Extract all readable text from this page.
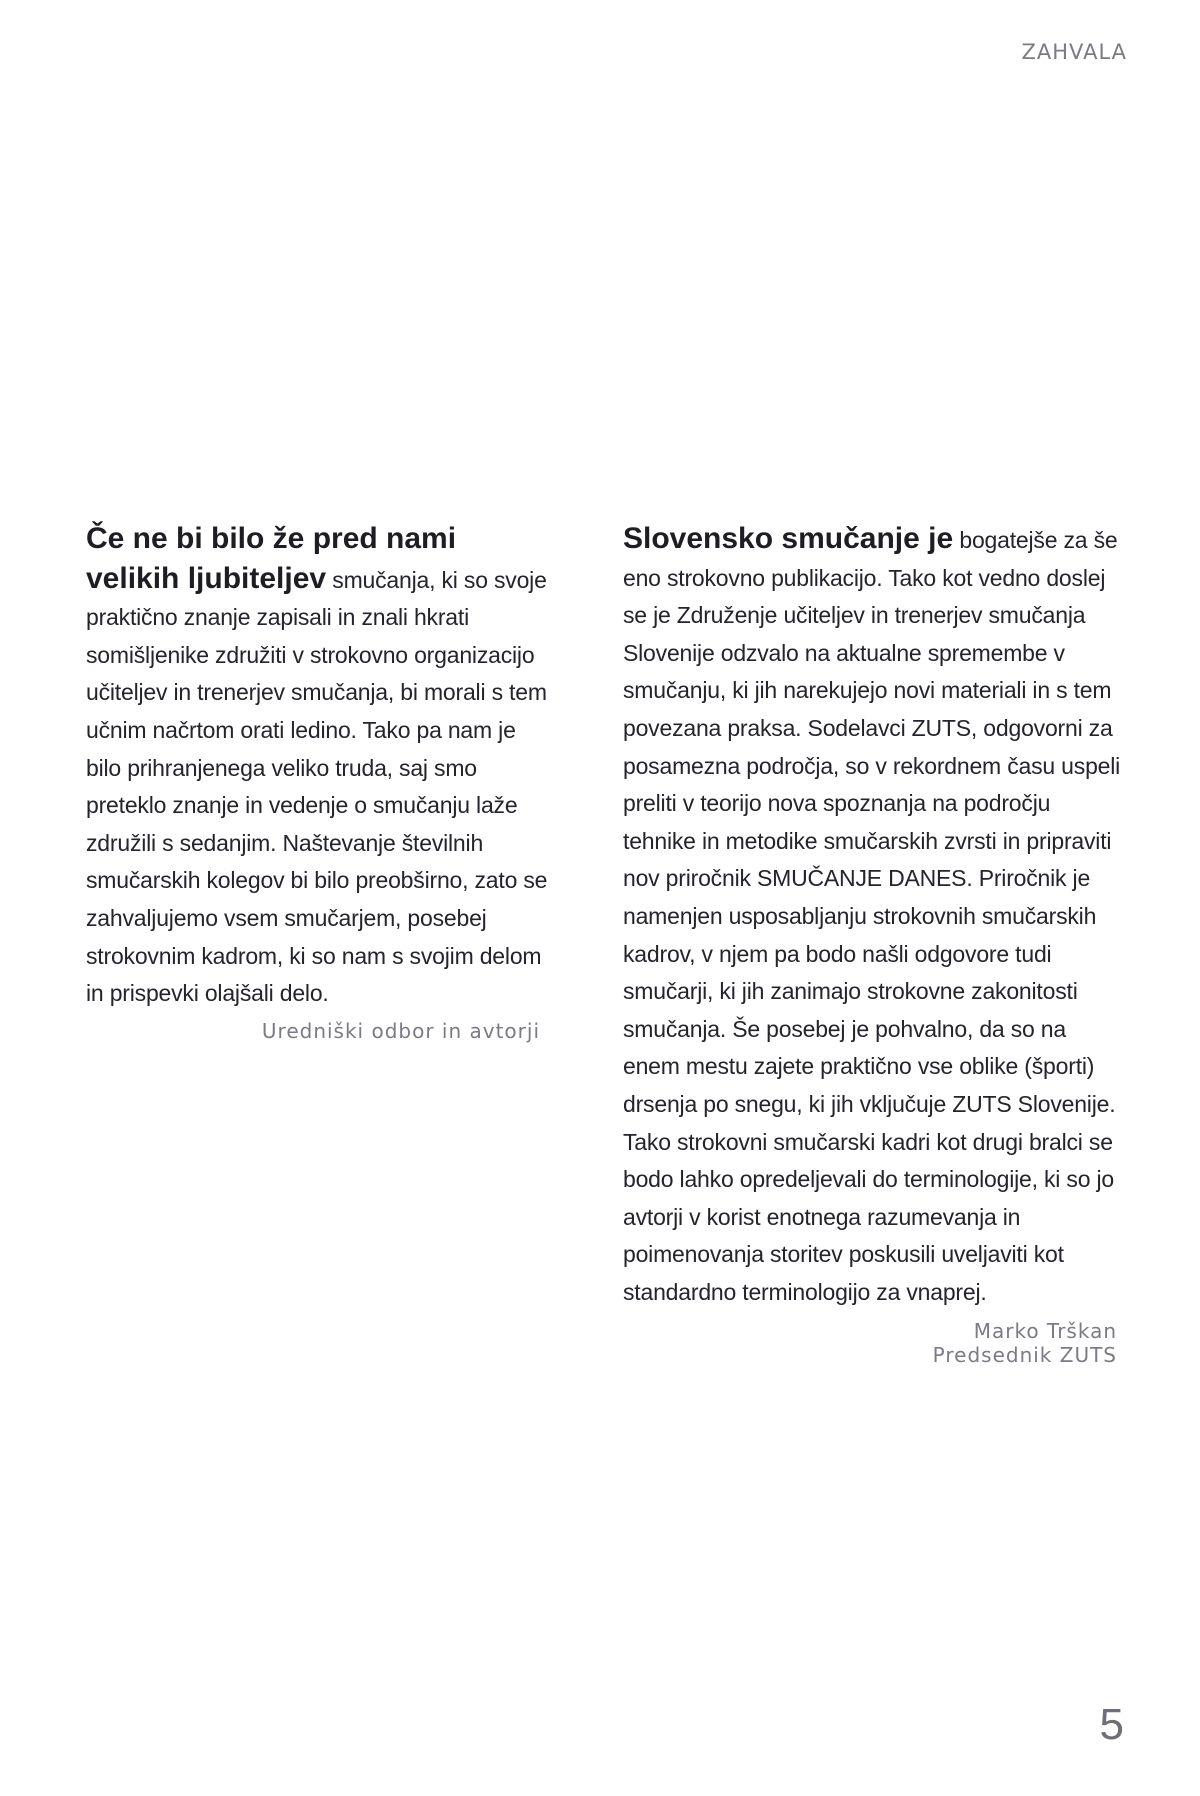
ZAHVALA

Če ne bi bilo že pred nami velikih ljubiteljev smučanja, ki so svoje praktično znanje zapisali in znali hkrati somišljenike združiti v strokovno organizacijo učiteljev in trenerjev smučanja, bi morali s tem učnim načrtom orati ledino. Tako pa nam je bilo prihranjenega veliko truda, saj smo preteklo znanje in vedenje o smučanju laže združili s sedanjim. Naštevanje številnih smučarskih kolegov bi bilo preobširno, zato se zahvaljujemo vsem smučarjem, posebej strokovnim kadrom, ki so nam s svojim delom in prispevki olajšali delo.

Uredniški odbor in avtorji

Slovensko smučanje je bogatejše za še eno strokovno publikacijo. Tako kot vedno doslej se je Združenje učiteljev in trenerjev smučanja Slovenije odzvalo na aktualne spremembe v smučanju, ki jih narekujejo novi materiali in s tem povezana praksa. Sodelavci ZUTS, odgovorni za posamezna področja, so v rekordnem času uspeli preliti v teorijo nova spoznanja na področju tehnike in metodike smučarskih zvrsti in pripraviti nov priročnik SMUČANJE DANES. Priročnik je namenjen usposabljanju strokovnih smučarskih kadrov, v njem pa bodo našli odgovore tudi smučarji, ki jih zanimajo strokovne zakonitosti smučanja. Še posebej je pohvalno, da so na enem mestu zajete praktično vse oblike (športi) drsenja po snegu, ki jih vključuje ZUTS Slovenije. Tako strokovni smučarski kadri kot drugi bralci se bodo lahko opredeljevali do terminologije, ki so jo avtorji v korist enotnega razumevanja in poimenovanja storitev poskusili uveljaviti kot standardno terminologijo za vnaprej.

Marko Trškan
Predsednik ZUTS
5
